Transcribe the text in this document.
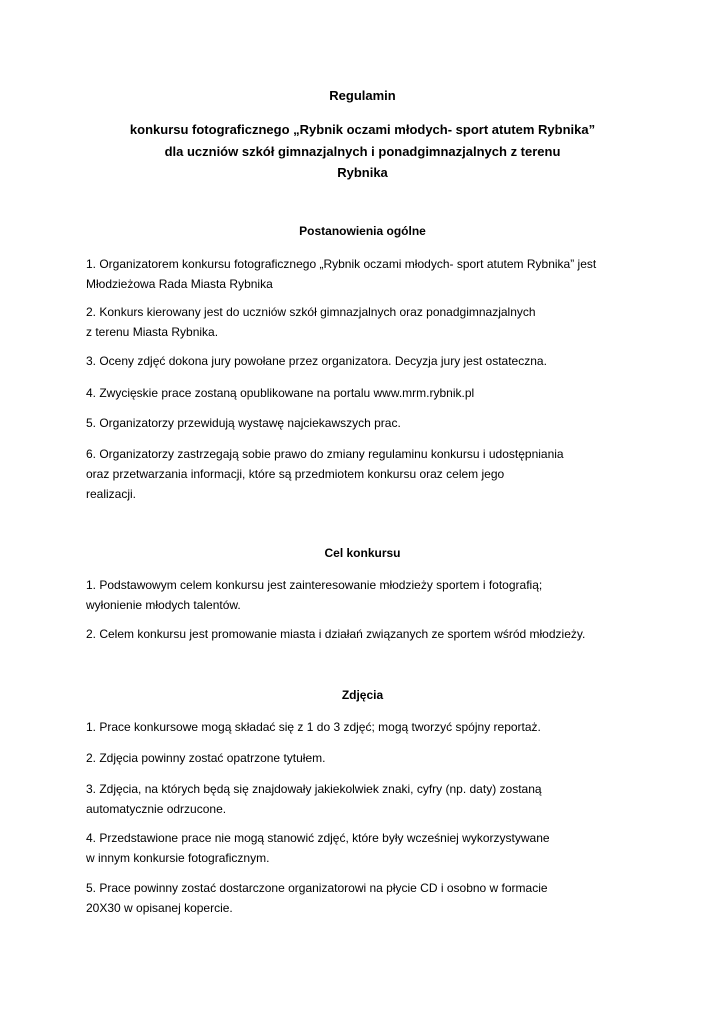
Regulamin
konkursu fotograficznego „Rybnik oczami młodych- sport atutem Rybnika”
dla uczniów szkół gimnazjalnych i ponadgimnazjalnych z terenu
Rybnika
Postanowienia ogólne

1. Organizatorem konkursu fotograficznego „Rybnik oczami młodych- sport atutem Rybnika” jest
Młodzieżowa Rada Miasta Rybnika

2. Konkurs kierowany jest do uczniów szkół gimnazjalnych oraz ponadgimnazjalnych
z terenu Miasta Rybnika.

3. Oceny zdjęć dokona jury powołane przez organizatora. Decyzja jury jest ostateczna.

4. Zwycięskie prace zostaną opublikowane na portalu www.mrm.rybnik.pl

5. Organizatorzy przewidują wystawę najciekawszych prac.

6. Organizatorzy zastrzegają sobie prawo do zmiany regulaminu konkursu i udostępniania
oraz przetwarzania informacji, które są przedmiotem konkursu oraz celem jego
realizacji.

Cel konkursu

1. Podstawowym celem konkursu jest zainteresowanie młodzieży sportem i fotografią;
wyłonienie młodych talentów.

2. Celem konkursu jest promowanie miasta i działań związanych ze sportem wśród młodzieży.

Zdjęcia

1. Prace konkursowe mogą składać się z 1 do 3 zdjęć; mogą tworzyć spójny reportaż.

2. Zdjęcia powinny zostać opatrzone tytułem.

3. Zdjęcia, na których będą się znajdowały jakiekolwiek znaki, cyfry (np. daty) zostaną
automatycznie odrzucone.

4. Przedstawione prace nie mogą stanowić zdjęć, które były wcześniej wykorzystywane
w innym konkursie fotograficznym.

5. Prace powinny zostać dostarczone organizatorowi na płycie CD i osobno w formacie
20X30 w opisanej kopercie.
